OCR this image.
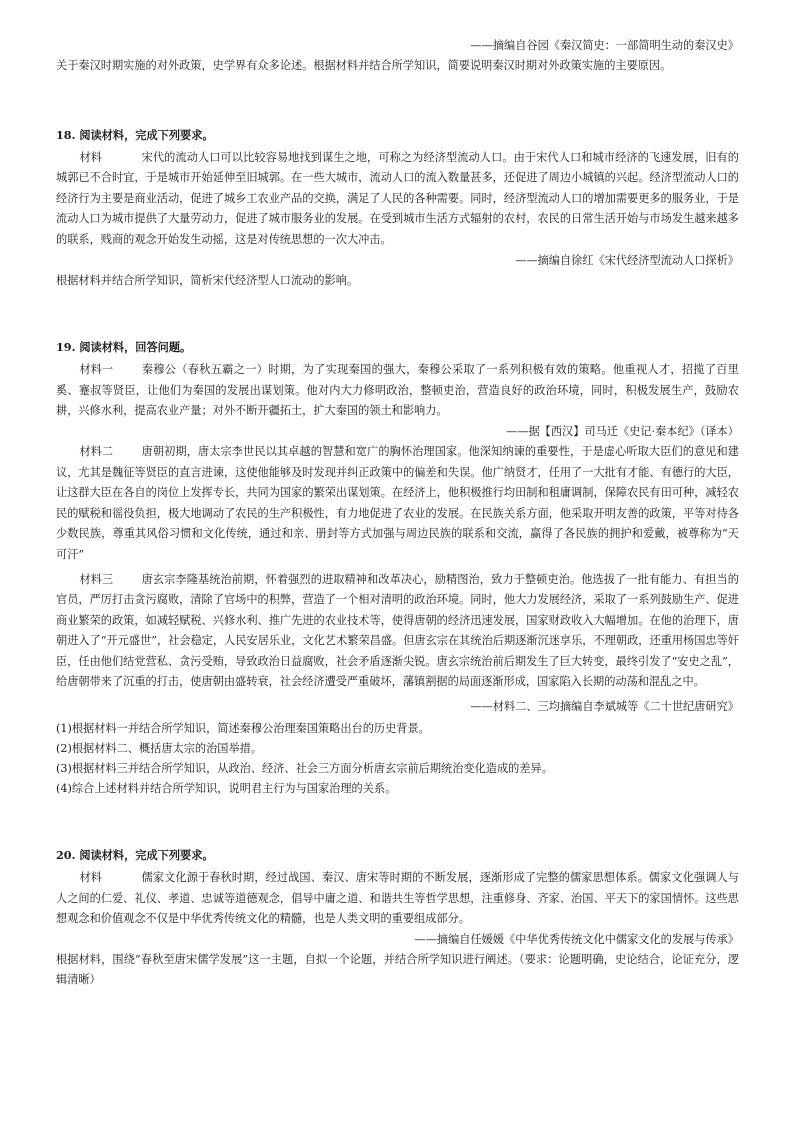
——摘编自谷园《秦汉简史：一部简明生动的秦汉史》

关于秦汉时期实施的对外政策，史学界有众多论述。根据材料并结合所学知识，简要说明秦汉时期对外政策实施的主要原因。

18. 阅读材料，完成下列要求。

材料	宋代的流动人口可以比较容易地找到谋生之地，可称之为经济型流动人口。由于宋代人口和城市经济的飞速发展，旧有的城郭已不合时宜，于是城市开始延伸至旧城郭。在一些大城市，流动人口的流入数量甚多，还促进了周边小城镇的兴起。经济型流动人口的经济行为主要是商业活动，促进了城乡工农业产品的交换，满足了人民的各种需要。同时，经济型流动人口的增加需要更多的服务业，于是流动人口为城市提供了大量劳动力，促进了城市服务业的发展。在受到城市生活方式辐射的农村，农民的日常生活开始与市场发生越来越多的联系，贱商的观念开始发生动摇，这是对传统思想的一次大冲击。

——摘编自徐红《宋代经济型流动人口探析》

根据材料并结合所学知识，简析宋代经济型人口流动的影响。

19. 阅读材料，回答问题。

材料一	秦穆公（春秋五霸之一）时期，为了实现秦国的强大，秦穆公采取了一系列积极有效的策略。他重视人才，招揽了百里奚、蹇叔等贤臣，让他们为秦国的发展出谋划策。他对内大力修明政治，整顿吏治，营造良好的政治环境，同时，积极发展生产，鼓励农耕，兴修水利，提高农业产量；对外不断开疆拓土，扩大秦国的领土和影响力。

——据【西汉】司马迁《史记·秦本纪》（译本）

材料二	唐朝初期，唐太宗李世民以其卓越的智慧和宽广的胸怀治理国家。他深知纳谏的重要性，于是虚心听取大臣们的意见和建议，尤其是魏征等贤臣的直言进谏，这使他能够及时发现并纠正政策中的偏差和失误。他广纳贤才，任用了一大批有才能、有德行的大臣，让这群大臣在各自的岗位上发挥专长，共同为国家的繁荣出谋划策。在经济上，他积极推行均田制和租庸调制，保障农民有田可种，减轻农民的赋税和徭役负担，极大地调动了农民的生产积极性，有力地促进了农业的发展。在民族关系方面，他采取开明友善的政策，平等对待各少数民族，尊重其风俗习惯和文化传统，通过和亲、册封等方式加强与周边民族的联系和交流，赢得了各民族的拥护和爱戴，被尊称为“天可汗”

材料三	唐玄宗李隆基统治前期，怀着强烈的进取精神和改革决心，励精图治，致力于整顿吏治。他选拔了一批有能力、有担当的官员，严厉打击贪污腐败，清除了官场中的积弊，营造了一个相对清明的政治环境。同时，他大力发展经济，采取了一系列鼓励生产、促进商业繁荣的政策，如减轻赋税、兴修水利、推广先进的农业技术等，使得唐朝的经济迅速发展，国家财政收入大幅增加。在他的治理下，唐朝进入了“开元盛世”，社会稳定，人民安居乐业，文化艺术繁荣昌盛。但唐玄宗在其统治后期逐渐沉迷享乐，不理朝政，还重用杨国忠等奸臣，任由他们结党营私、贪污受贿，导致政治日益腐败，社会矛盾逐渐尖锐。唐玄宗统治前后期发生了巨大转变，最终引发了“安史之乱”，给唐朝带来了沉重的打击，使唐朝由盛转衰，社会经济遭受严重破坏，藩镇割据的局面逐渐形成，国家陷入长期的动荡和混乱之中。

——材料二、三均摘编自李斌城等《二十世纪唐研究》

(1)根据材料一并结合所学知识，简述秦穆公治理秦国策略出台的历史背景。

(2)根据材料二、概括唐太宗的治国举措。

(3)根据材料三并结合所学知识，从政治、经济、社会三方面分析唐玄宗前后期统治变化造成的差异。

(4)综合上述材料并结合所学知识，说明君主行为与国家治理的关系。

20. 阅读材料，完成下列要求。

材料	儒家文化源于春秋时期，经过战国、秦汉、唐宋等时期的不断发展，逐渐形成了完整的儒家思想体系。儒家文化强调人与人之间的仁爱、礼仪、孝道、忠诚等道德观念，倡导中庸之道、和谐共生等哲学思想，注重修身、齐家、治国、平天下的家国情怀。这些思想观念和价值观念不仅是中华优秀传统文化的精髓，也是人类文明的重要组成部分。

——摘编自任媛媛《中华优秀传统文化中儒家文化的发展与传承》

根据材料，围绕“春秋至唐宋儒学发展”这一主题，自拟一个论题，并结合所学知识进行阐述。（要求：论题明确，史论结合，论证充分，逻辑清晰）
